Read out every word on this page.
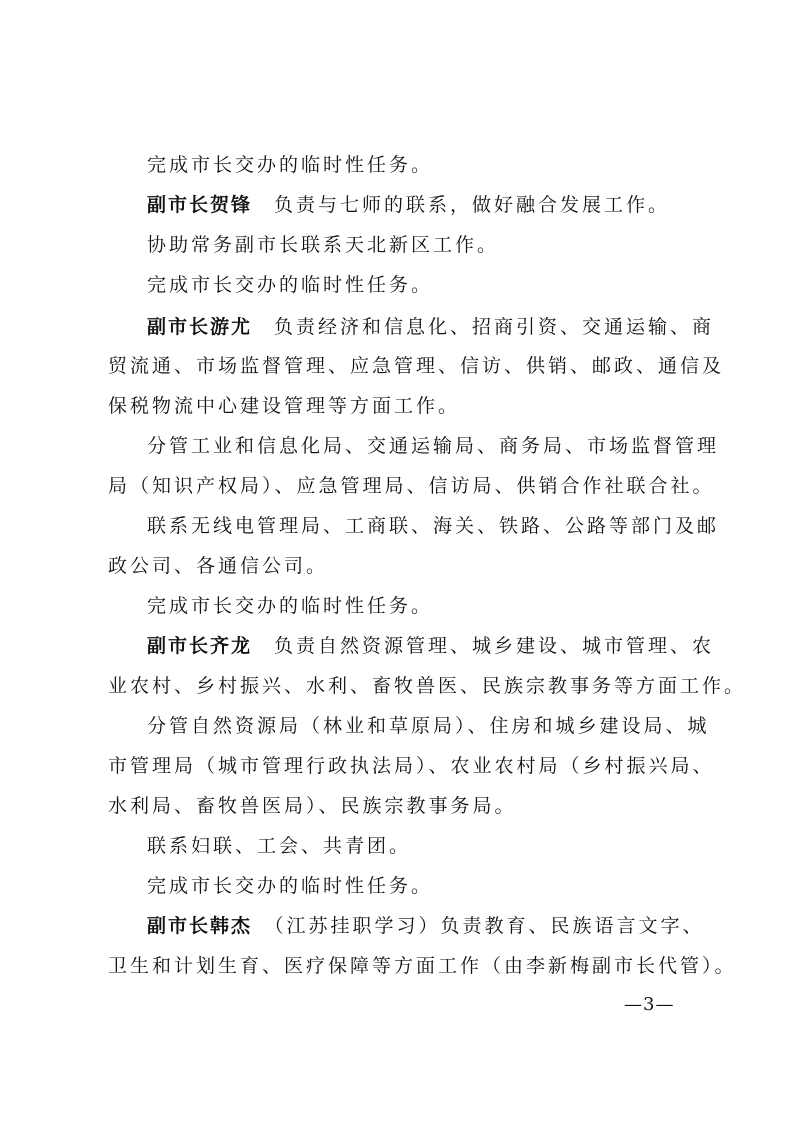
完成市长交办的临时性任务。
副市长贺锋　负责与七师的联系，做好融合发展工作。
协助常务副市长联系天北新区工作。
完成市长交办的临时性任务。
副市长游尤　负责经济和信息化、招商引资、交通运输、商
贸流通、市场监督管理、应急管理、信访、供销、邮政、通信及
保税物流中心建设管理等方面工作。
分管工业和信息化局、交通运输局、商务局、市场监督管理
局（知识产权局）、应急管理局、信访局、供销合作社联合社。
联系无线电管理局、工商联、海关、铁路、公路等部门及邮
政公司、各通信公司。
完成市长交办的临时性任务。
副市长齐龙　负责自然资源管理、城乡建设、城市管理、农
业农村、乡村振兴、水利、畜牧兽医、民族宗教事务等方面工作。
分管自然资源局（林业和草原局）、住房和城乡建设局、城
市管理局（城市管理行政执法局）、农业农村局（乡村振兴局、
水利局、畜牧兽医局）、民族宗教事务局。
联系妇联、工会、共青团。
完成市长交办的临时性任务。
副市长韩杰　（江苏挂职学习）负责教育、民族语言文字、
卫生和计划生育、医疗保障等方面工作（由李新梅副市长代管）。
—3—
